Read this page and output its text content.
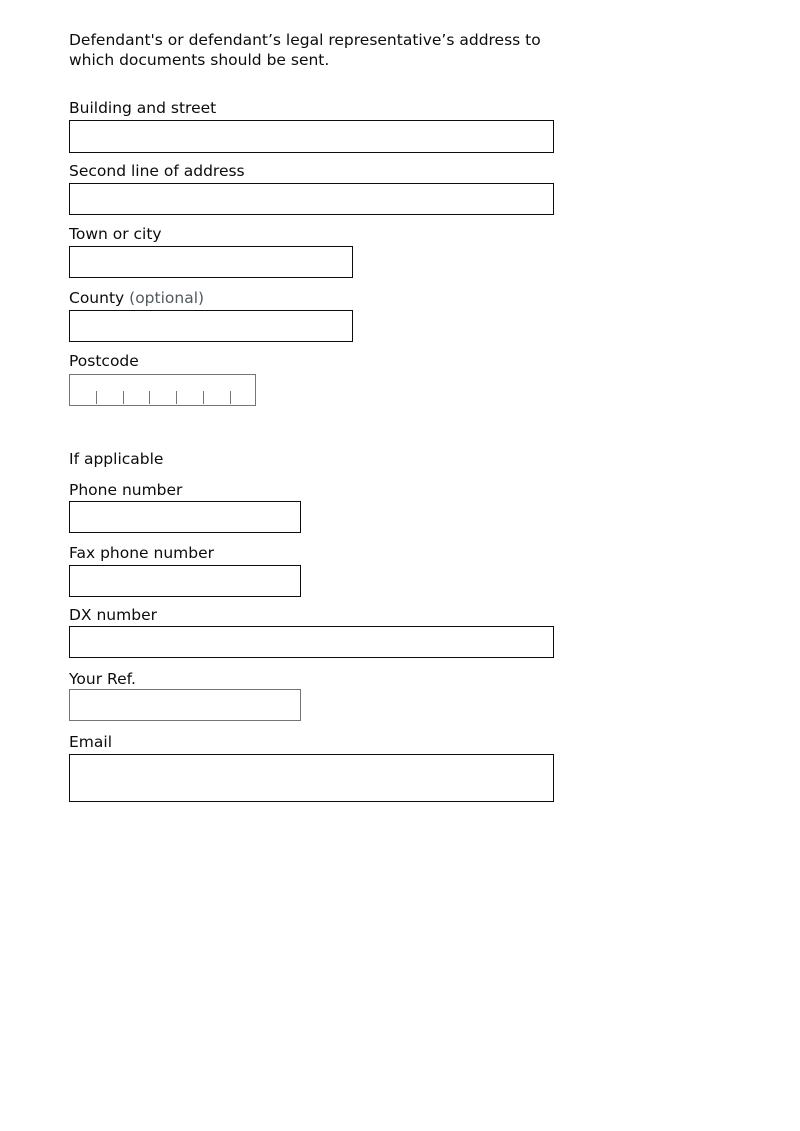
Defendant's or defendant’s legal representative’s address to which documents should be sent.

Building and street
Second line of address
Town or city
County (optional)
Postcode
If applicable
Phone number
Fax phone number
DX number
Your Ref.
Email
